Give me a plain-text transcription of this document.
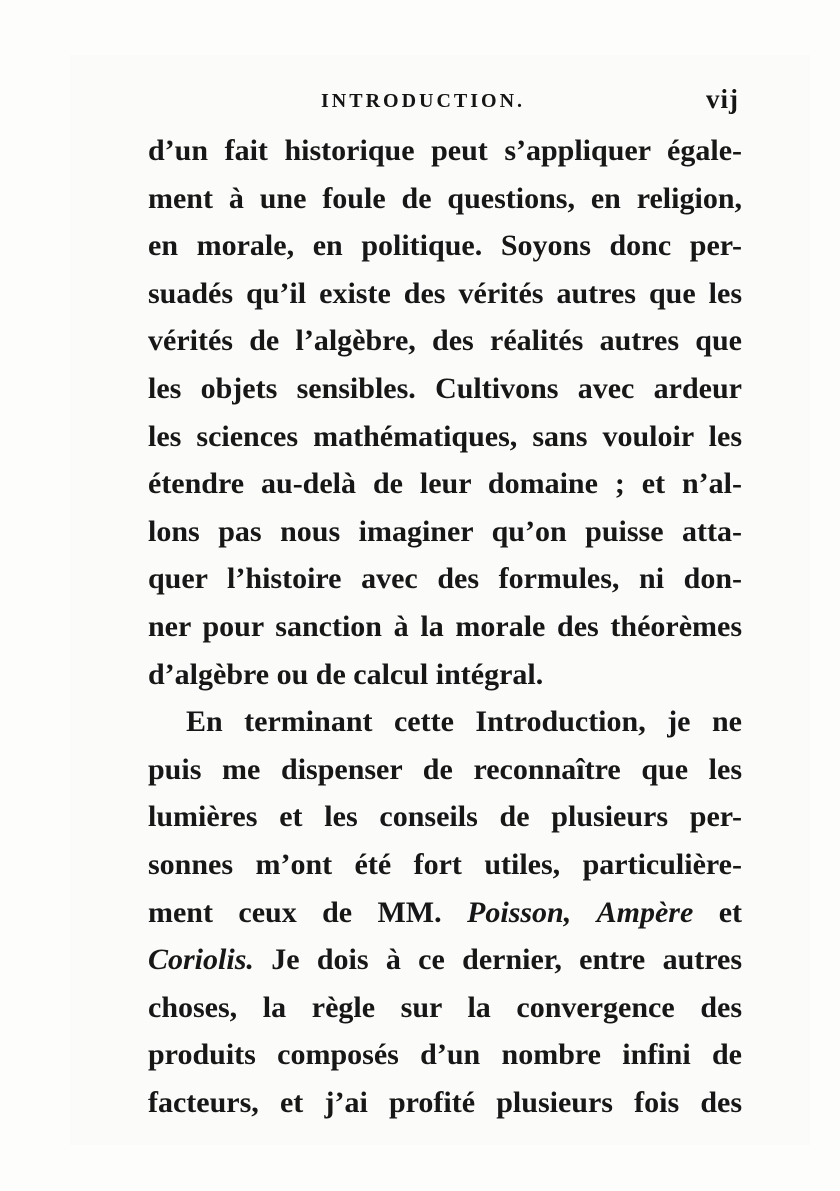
INTRODUCTION.	vij
d’un fait historique peut s’appliquer égale-
ment à une foule de questions, en religion,
en morale, en politique. Soyons donc per-
suadés qu’il existe des vérités autres que les
vérités de l’algèbre, des réalités autres que
les objets sensibles. Cultivons avec ardeur
les sciences mathématiques, sans vouloir les
étendre au-delà de leur domaine ; et n’al-
lons pas nous imaginer qu’on puisse atta-
quer l’histoire avec des formules, ni don-
ner pour sanction à la morale des théorèmes
d’algèbre ou de calcul intégral.
En terminant cette Introduction, je ne
puis me dispenser de reconnaître que les
lumières et les conseils de plusieurs per-
sonnes m’ont été fort utiles, particulière-
ment ceux de MM. Poisson, Ampère et
Coriolis. Je dois à ce dernier, entre autres
choses, la règle sur la convergence des
produits composés d’un nombre infini de
facteurs, et j’ai profité plusieurs fois des
